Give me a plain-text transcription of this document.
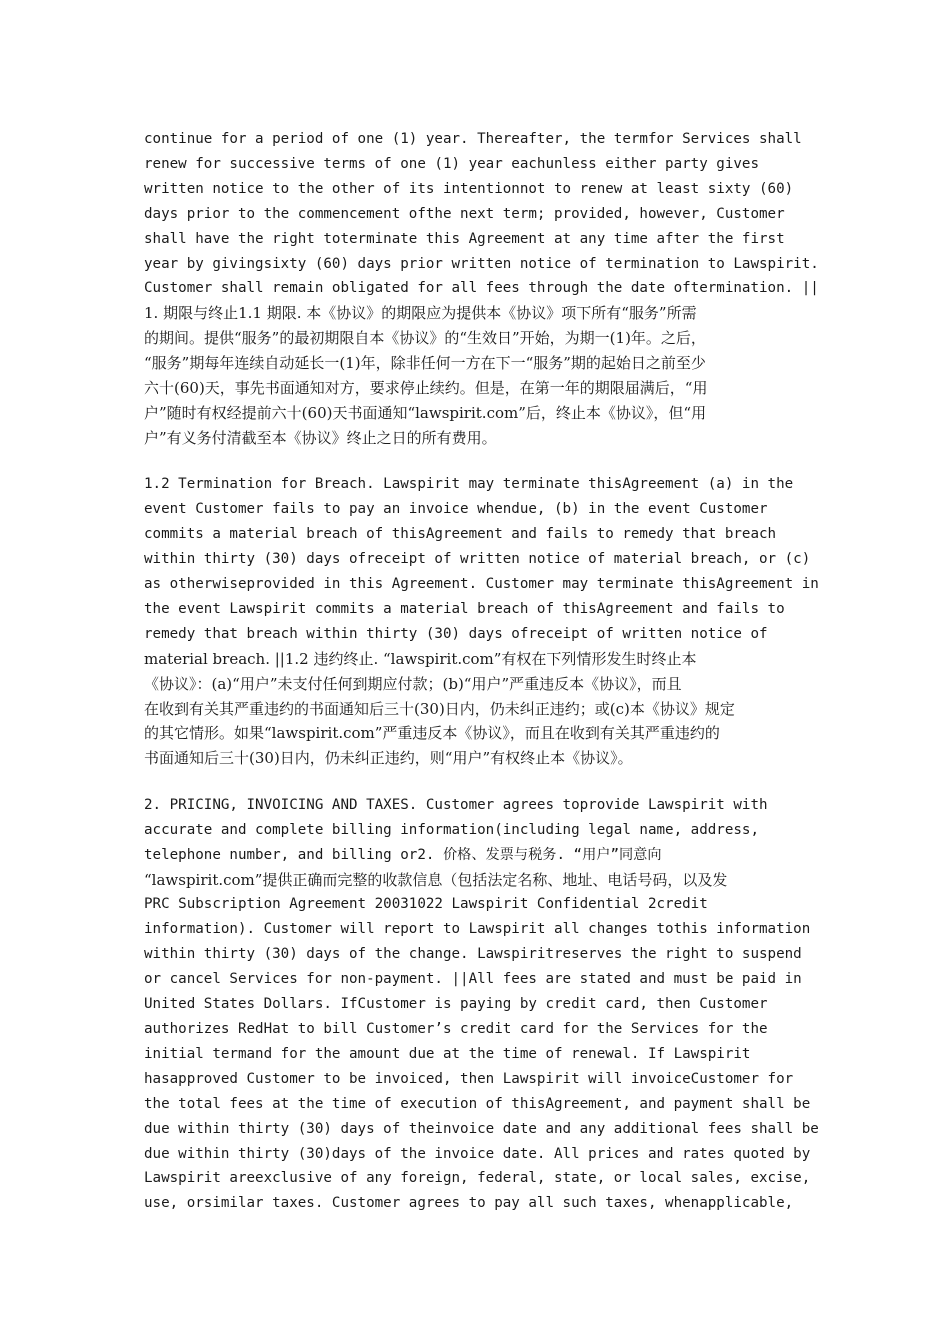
continue for a period of one (1) year. Thereafter, the termfor Services shall
renew for successive terms of one (1) year eachunless either party gives
written notice to the other of its intentionnot to renew at least sixty (60)
days prior to the commencement ofthe next term; provided, however, Customer
shall have the right toterminate this Agreement at any time after the first
year by givingsixty (60) days prior written notice of termination to Lawspirit.
Customer shall remain obligated for all fees through the date oftermination. ||
1. 期限与终止1.1 期限. 本《协议》的期限应为提供本《协议》项下所有“服务”所需
的期间。提供“服务”的最初期限自本《协议》的“生效日”开始，为期一(1)年。之后，
“服务”期每年连续自动延长一(1)年，除非任何一方在下一“服务”期的起始日之前至少
六十(60)天，事先书面通知对方，要求停止续约。但是，在第一年的期限届满后，“用
户”随时有权经提前六十(60)天书面通知“lawspirit.com”后，终止本《协议》，但“用
户”有义务付清截至本《协议》终止之日的所有费用。
1.2 Termination for Breach. Lawspirit may terminate thisAgreement (a) in the
event Customer fails to pay an invoice whendue, (b) in the event Customer
commits a material breach of thisAgreement and fails to remedy that breach
within thirty (30) days ofreceipt of written notice of material breach, or (c)
as otherwiseprovided in this Agreement. Customer may terminate thisAgreement in
the event Lawspirit commits a material breach of thisAgreement and fails to
remedy that breach within thirty (30) days ofreceipt of written notice of
material breach. ||1.2 违约终止. “lawspirit.com”有权在下列情形发生时终止本
《协议》：(a)“用户”未支付任何到期应付款；(b)“用户”严重违反本《协议》，而且
在收到有关其严重违约的书面通知后三十(30)日内，仍未纠正违约；或(c)本《协议》规定
的其它情形。如果“lawspirit.com”严重违反本《协议》，而且在收到有关其严重违约的
书面通知后三十(30)日内，仍未纠正违约，则“用户”有权终止本《协议》。
2. PRICING, INVOICING AND TAXES. Customer agrees toprovide Lawspirit with
accurate and complete billing information(including legal name, address,
telephone number, and billing or2. 价格、发票与税务. “用户”同意向
“lawspirit.com”提供正确而完整的收款信息（包括法定名称、地址、电话号码，以及发
PRC Subscription Agreement 20031022 Lawspirit Confidential 2credit
information). Customer will report to Lawspirit all changes tothis information
within thirty (30) days of the change. Lawspiritreserves the right to suspend
or cancel Services for non-payment. ||All fees are stated and must be paid in
United States Dollars. IfCustomer is paying by credit card, then Customer
authorizes RedHat to bill Customer’s credit card for the Services for the
initial termand for the amount due at the time of renewal. If Lawspirit
hasapproved Customer to be invoiced, then Lawspirit will invoiceCustomer for
the total fees at the time of execution of thisAgreement, and payment shall be
due within thirty (30) days of theinvoice date and any additional fees shall be
due within thirty (30)days of the invoice date. All prices and rates quoted by
Lawspirit areexclusive of any foreign, federal, state, or local sales, excise,
use, orsimilar taxes. Customer agrees to pay all such taxes, whenapplicable,
